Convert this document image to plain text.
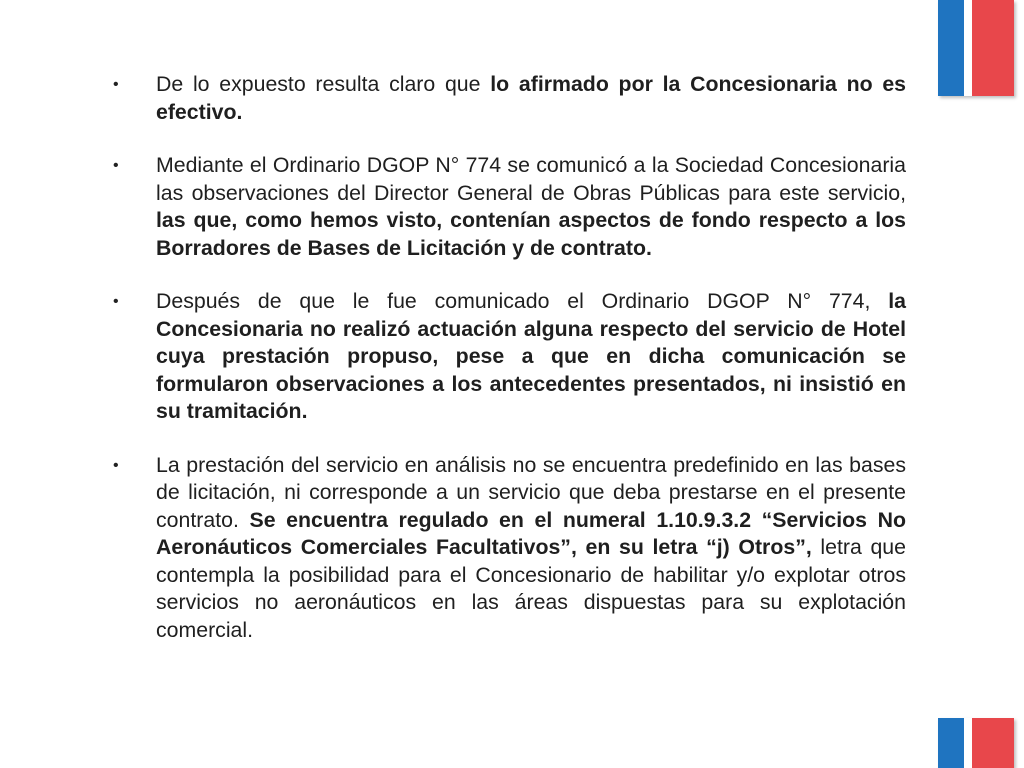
•	De lo expuesto resulta claro que lo afirmado por la Concesionaria no es efectivo.
•	Mediante el Ordinario DGOP N° 774 se comunicó a la Sociedad Concesionaria las observaciones del Director General de Obras Públicas para este servicio, las que, como hemos visto, contenían aspectos de fondo respecto a los Borradores de Bases de Licitación y de contrato.
•	Después de que le fue comunicado el Ordinario DGOP N° 774, la Concesionaria no realizó actuación alguna respecto del servicio de Hotel cuya prestación propuso, pese a que en dicha comunicación se formularon observaciones a los antecedentes presentados, ni insistió en su tramitación.
•	La prestación del servicio en análisis no se encuentra predefinido en las bases de licitación, ni corresponde a un servicio que deba prestarse en el presente contrato. Se encuentra regulado en el numeral 1.10.9.3.2 “Servicios No Aeronáuticos Comerciales Facultativos”, en su letra “j) Otros”, letra que contempla la posibilidad para el Concesionario de habilitar y/o explotar otros servicios no aeronáuticos en las áreas dispuestas para su explotación comercial.
